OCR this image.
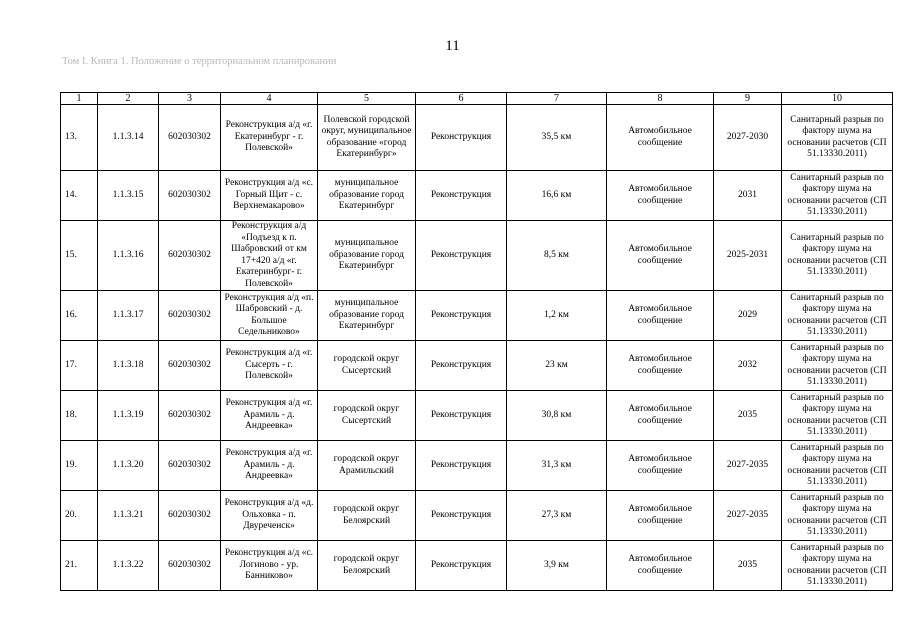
11
Том I. Книга 1. Положение о территориальном планировании
1	2	3	4	5	6	7	8	9	10
13.	1.1.3.14	602030302	Реконструкция а/д «г. Екатеринбург - г. Полевской»	Полевской городской округ, муниципальное образование «город Екатеринбург»	Реконструкция	35,5 км	Автомобильное сообщение	2027-2030	Санитарный разрыв по фактору шума на основании расчетов (СП 51.13330.2011)
14.	1.1.3.15	602030302	Реконструкция а/д «с. Горный Щит - с. Верхнемакарово»	муниципальное образование город Екатеринбург	Реконструкция	16,6 км	Автомобильное сообщение	2031	Санитарный разрыв по фактору шума на основании расчетов (СП 51.13330.2011)
15.	1.1.3.16	602030302	Реконструкция а/д «Подъезд к п. Шабровский от км 17+420 а/д «г. Екатеринбург- г. Полевской»	муниципальное образование город Екатеринбург	Реконструкция	8,5 км	Автомобильное сообщение	2025-2031	Санитарный разрыв по фактору шума на основании расчетов (СП 51.13330.2011)
16.	1.1.3.17	602030302	Реконструкция а/д «п. Шабровский - д. Большое Седельниково»	муниципальное образование город Екатеринбург	Реконструкция	1,2 км	Автомобильное сообщение	2029	Санитарный разрыв по фактору шума на основании расчетов (СП 51.13330.2011)
17.	1.1.3.18	602030302	Реконструкция а/д «г. Сысерть - г. Полевской»	городской округ Сысертский	Реконструкция	23 км	Автомобильное сообщение	2032	Санитарный разрыв по фактору шума на основании расчетов (СП 51.13330.2011)
18.	1.1.3.19	602030302	Реконструкция а/д «г. Арамиль - д. Андреевка»	городской округ Сысертский	Реконструкция	30,8 км	Автомобильное сообщение	2035	Санитарный разрыв по фактору шума на основании расчетов (СП 51.13330.2011)
19.	1.1.3.20	602030302	Реконструкция а/д «г. Арамиль - д. Андреевка»	городской округ Арамильский	Реконструкция	31,3 км	Автомобильное сообщение	2027-2035	Санитарный разрыв по фактору шума на основании расчетов (СП 51.13330.2011)
20.	1.1.3.21	602030302	Реконструкция а/д «д. Ольховка - п. Двуреченск»	городской округ Белоярский	Реконструкция	27,3 км	Автомобильное сообщение	2027-2035	Санитарный разрыв по фактору шума на основании расчетов (СП 51.13330.2011)
21.	1.1.3.22	602030302	Реконструкция а/д «с. Логиново - ур. Банниково»	городской округ Белоярский	Реконструкция	3,9 км	Автомобильное сообщение	2035	Санитарный разрыв по фактору шума на основании расчетов (СП 51.13330.2011)
